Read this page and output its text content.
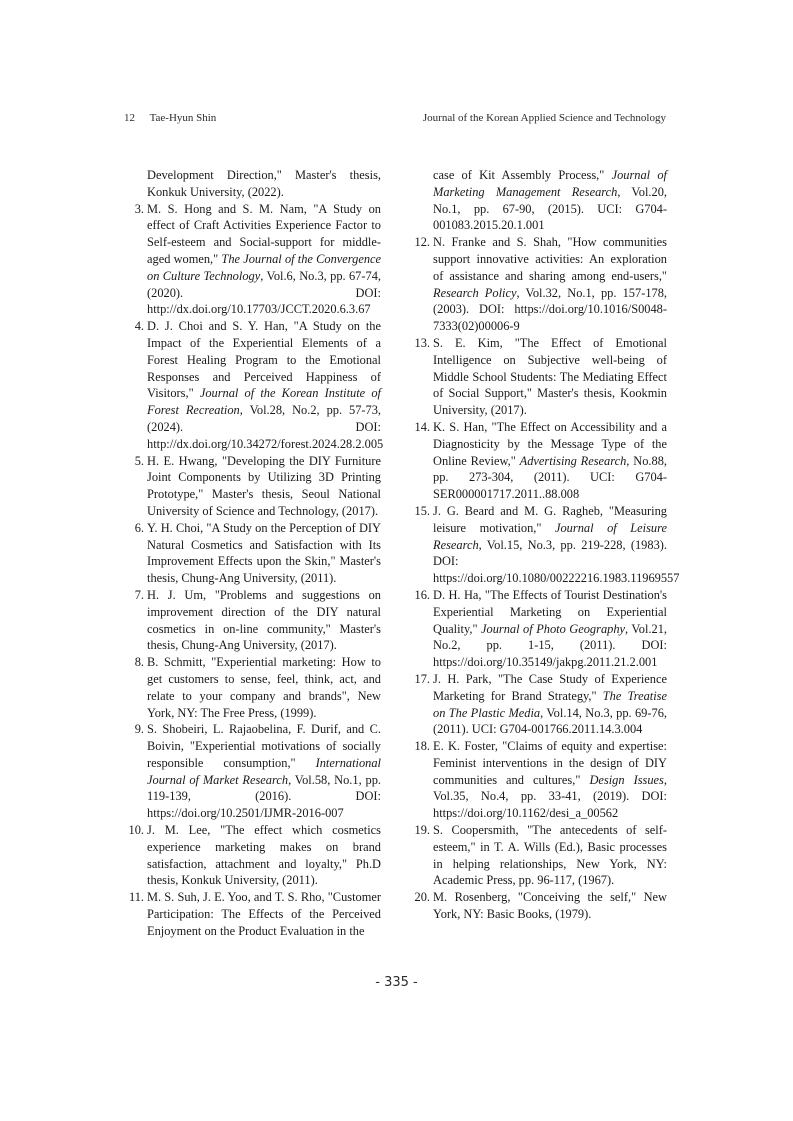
12 Tae-Hyun Shin	Journal of the Korean Applied Science and Technology
Development Direction," Master's thesis, Konkuk University, (2022).
3. M. S. Hong and S. M. Nam, "A Study on effect of Craft Activities Experience Factor to Self-esteem and Social-support for middle-aged women," The Journal of the Convergence on Culture Technology, Vol.6, No.3, pp. 67-74, (2020). DOI: http://dx.doi.org/10.17703/JCCT.2020.6.3.67
4. D. J. Choi and S. Y. Han, "A Study on the Impact of the Experiential Elements of a Forest Healing Program to the Emotional Responses and Perceived Happiness of Visitors," Journal of the Korean Institute of Forest Recreation, Vol.28, No.2, pp. 57-73, (2024). DOI: http://dx.doi.org/10.34272/forest.2024.28.2.005
5. H. E. Hwang, "Developing the DIY Furniture Joint Components by Utilizing 3D Printing Prototype," Master's thesis, Seoul National University of Science and Technology, (2017).
6. Y. H. Choi, "A Study on the Perception of DIY Natural Cosmetics and Satisfaction with Its Improvement Effects upon the Skin," Master's thesis, Chung-Ang University, (2011).
7. H. J. Um, "Problems and suggestions on improvement direction of the DIY natural cosmetics in on-line community," Master's thesis, Chung-Ang University, (2017).
8. B. Schmitt, "Experiential marketing: How to get customers to sense, feel, think, act, and relate to your company and brands", New York, NY: The Free Press, (1999).
9. S. Shobeiri, L. Rajaobelina, F. Durif, and C. Boivin, "Experiential motivations of socially responsible consumption," International Journal of Market Research, Vol.58, No.1, pp. 119-139, (2016). DOI: https://doi.org/10.2501/IJMR-2016-007
10. J. M. Lee, "The effect which cosmetics experience marketing makes on brand satisfaction, attachment and loyalty," Ph.D thesis, Konkuk University, (2011).
11. M. S. Suh, J. E. Yoo, and T. S. Rho, "Customer Participation: The Effects of the Perceived Enjoyment on the Product Evaluation in the
case of Kit Assembly Process," Journal of Marketing Management Research, Vol.20, No.1, pp. 67-90, (2015). UCI: G704-001083.2015.20.1.001
12. N. Franke and S. Shah, "How communities support innovative activities: An exploration of assistance and sharing among end-users," Research Policy, Vol.32, No.1, pp. 157-178, (2003). DOI: https://doi.org/10.1016/S0048-7333(02)00006-9
13. S. E. Kim, "The Effect of Emotional Intelligence on Subjective well-being of Middle School Students: The Mediating Effect of Social Support," Master's thesis, Kookmin University, (2017).
14. K. S. Han, "The Effect on Accessibility and a Diagnosticity by the Message Type of the Online Review," Advertising Research, No.88, pp. 273-304, (2011). UCI: G704-SER000001717.2011..88.008
15. J. G. Beard and M. G. Ragheb, "Measuring leisure motivation," Journal of Leisure Research, Vol.15, No.3, pp. 219-228, (1983). DOI: https://doi.org/10.1080/00222216.1983.11969557
16. D. H. Ha, "The Effects of Tourist Destination's Experiential Marketing on Experiential Quality," Journal of Photo Geography, Vol.21, No.2, pp. 1-15, (2011). DOI: https://doi.org/10.35149/jakpg.2011.21.2.001
17. J. H. Park, "The Case Study of Experience Marketing for Brand Strategy," The Treatise on The Plastic Media, Vol.14, No.3, pp. 69-76, (2011). UCI: G704-001766.2011.14.3.004
18. E. K. Foster, "Claims of equity and expertise: Feminist interventions in the design of DIY communities and cultures," Design Issues, Vol.35, No.4, pp. 33-41, (2019). DOI: https://doi.org/10.1162/desi_a_00562
19. S. Coopersmith, "The antecedents of self-esteem," in T. A. Wills (Ed.), Basic processes in helping relationships, New York, NY: Academic Press, pp. 96-117, (1967).
20. M. Rosenberg, "Conceiving the self," New York, NY: Basic Books, (1979).
- 335 -
